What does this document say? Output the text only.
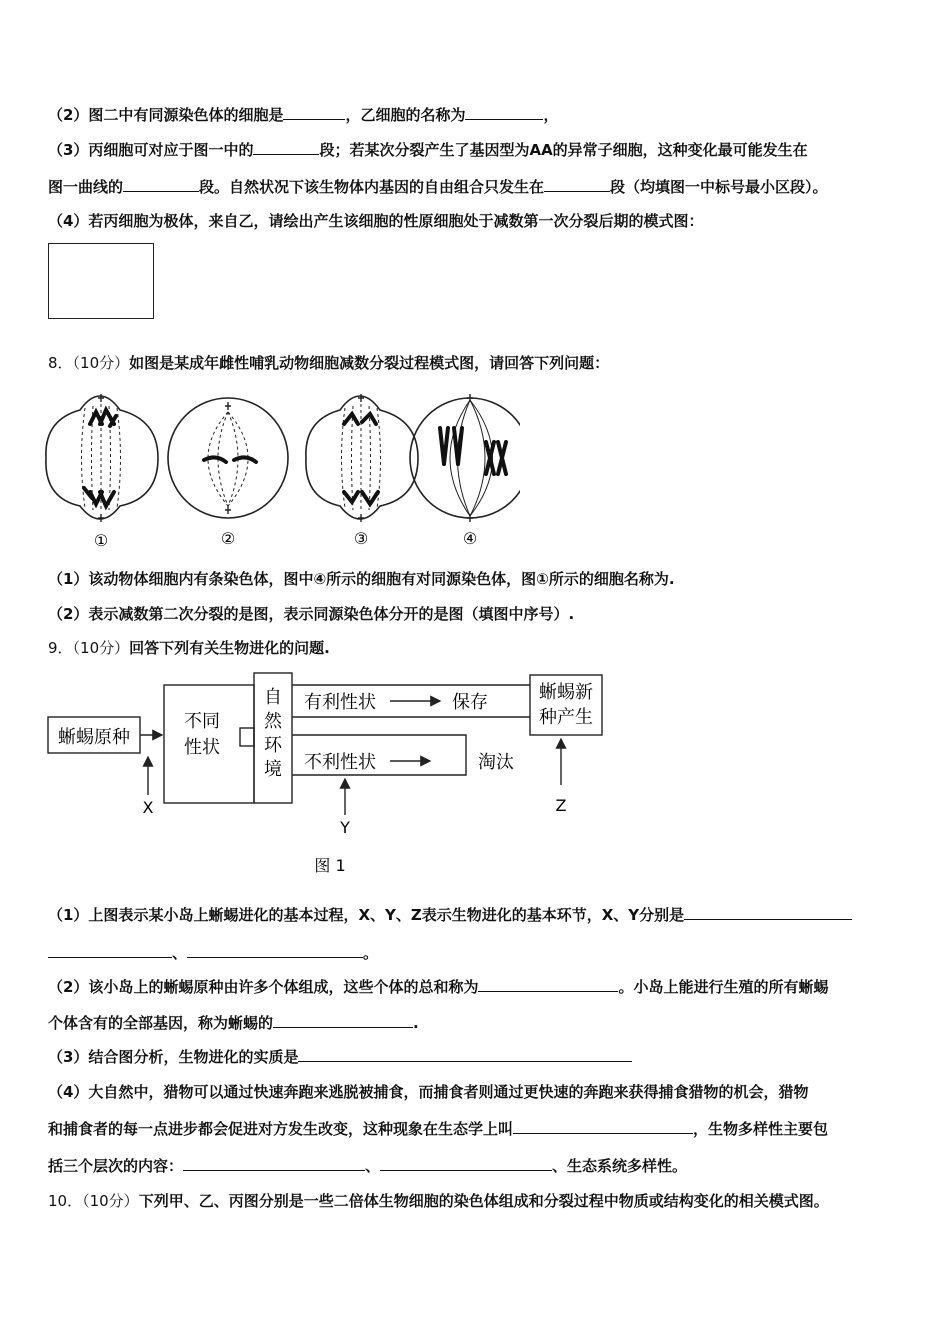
（2）图二中有同源染色体的细胞是	，乙细胞的名称为	，
（3）丙细胞可对应于图一中的	段；若某次分裂产生了基因型为AA的异常子细胞，这种变化最可能发生在
图一曲线的	段。自然状况下该生物体内基因的自由组合只发生在	段（均填图一中标号最小区段）。
（4）若丙细胞为极体，来自乙，请绘出产生该细胞的性原细胞处于减数第一次分裂后期的模式图：
8．（10分）如图是某成年雌性哺乳动物细胞减数分裂过程模式图，请回答下列问题：
①	②	③	④
（1）该动物体细胞内有条染色体，图中④所示的细胞有对同源染色体，图①所示的细胞名称为.
（2）表示减数第二次分裂的是图，表示同源染色体分开的是图（填图中序号）.
9．（10分）回答下列有关生物进化的问题.
蜥蜴原种
不同
性状
自
然
环
境
有利性状	保存
不利性状	淘汰
蜥蜴新
种产生
X
Y
Z
图 1
（1）上图表示某小岛上蜥蜴进化的基本过程，X、Y、Z表示生物进化的基本环节，X、Y分别是
、	。
（2）该小岛上的蜥蜴原种由许多个体组成，这些个体的总和称为	。小岛上能进行生殖的所有蜥蜴
个体含有的全部基因，称为蜥蜴的	.
（3）结合图分析，生物进化的实质是
（4）大自然中，猎物可以通过快速奔跑来逃脱被捕食，而捕食者则通过更快速的奔跑来获得捕食猎物的机会，猎物
和捕食者的每一点进步都会促进对方发生改变，这种现象在生态学上叫	，生物多样性主要包
括三个层次的内容：	、	、生态系统多样性。
10．（10分）下列甲、乙、丙图分别是一些二倍体生物细胞的染色体组成和分裂过程中物质或结构变化的相关模式图。
